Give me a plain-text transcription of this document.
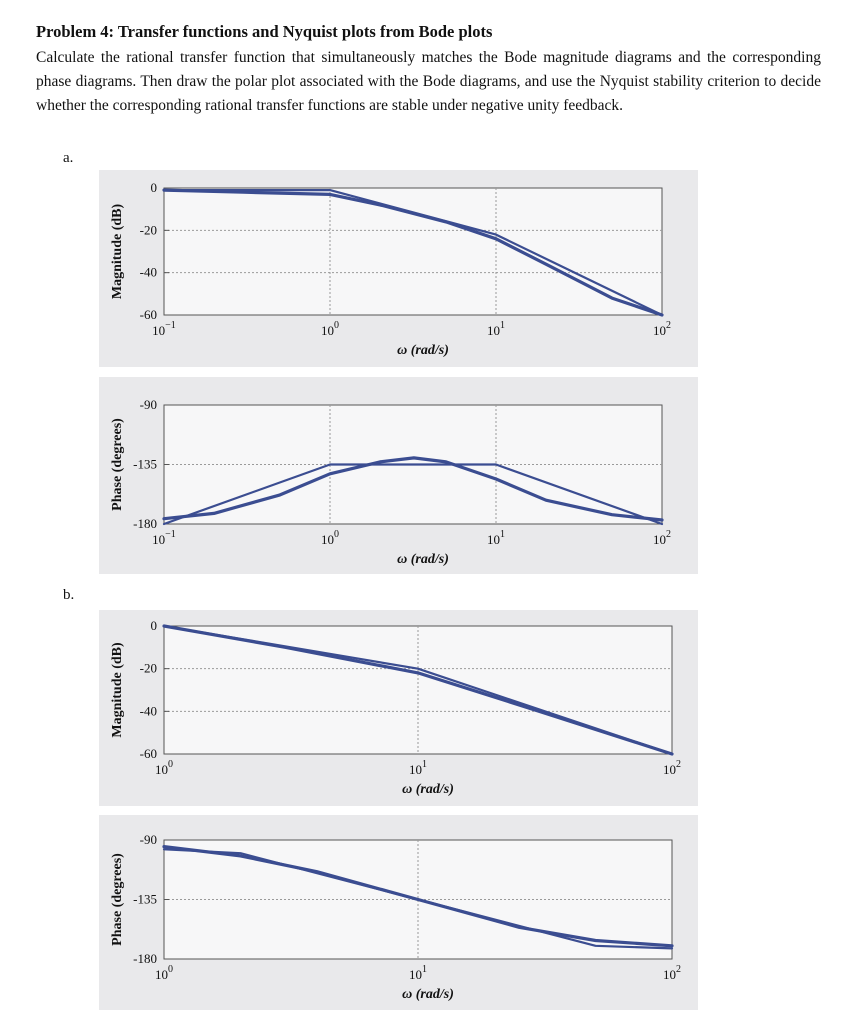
Problem 4: Transfer functions and Nyquist plots from Bode plots

Calculate the rational transfer function that simultaneously matches the Bode magnitude diagrams and the corresponding phase diagrams. Then draw the polar plot associated with the Bode diagrams, and use the Nyquist stability criterion to decide whether the corresponding rational transfer functions are stable under negative unity feedback.

a.
b.
0
-20
-40
-60
$10^{-1}$	$10^0$	$10^1$	$10^2$
Magnitude (dB)
ω (rad/s)
-90
-135
-180
$10^{-1}$	$10^0$	$10^1$	$10^2$
Phase (degrees)
ω (rad/s)
0
-20
-40
-60
$10^0$	$10^1$	$10^2$
Magnitude (dB)
ω (rad/s)
-90
-135
-180
$10^0$	$10^1$	$10^2$
Phase (degrees)
ω (rad/s)
